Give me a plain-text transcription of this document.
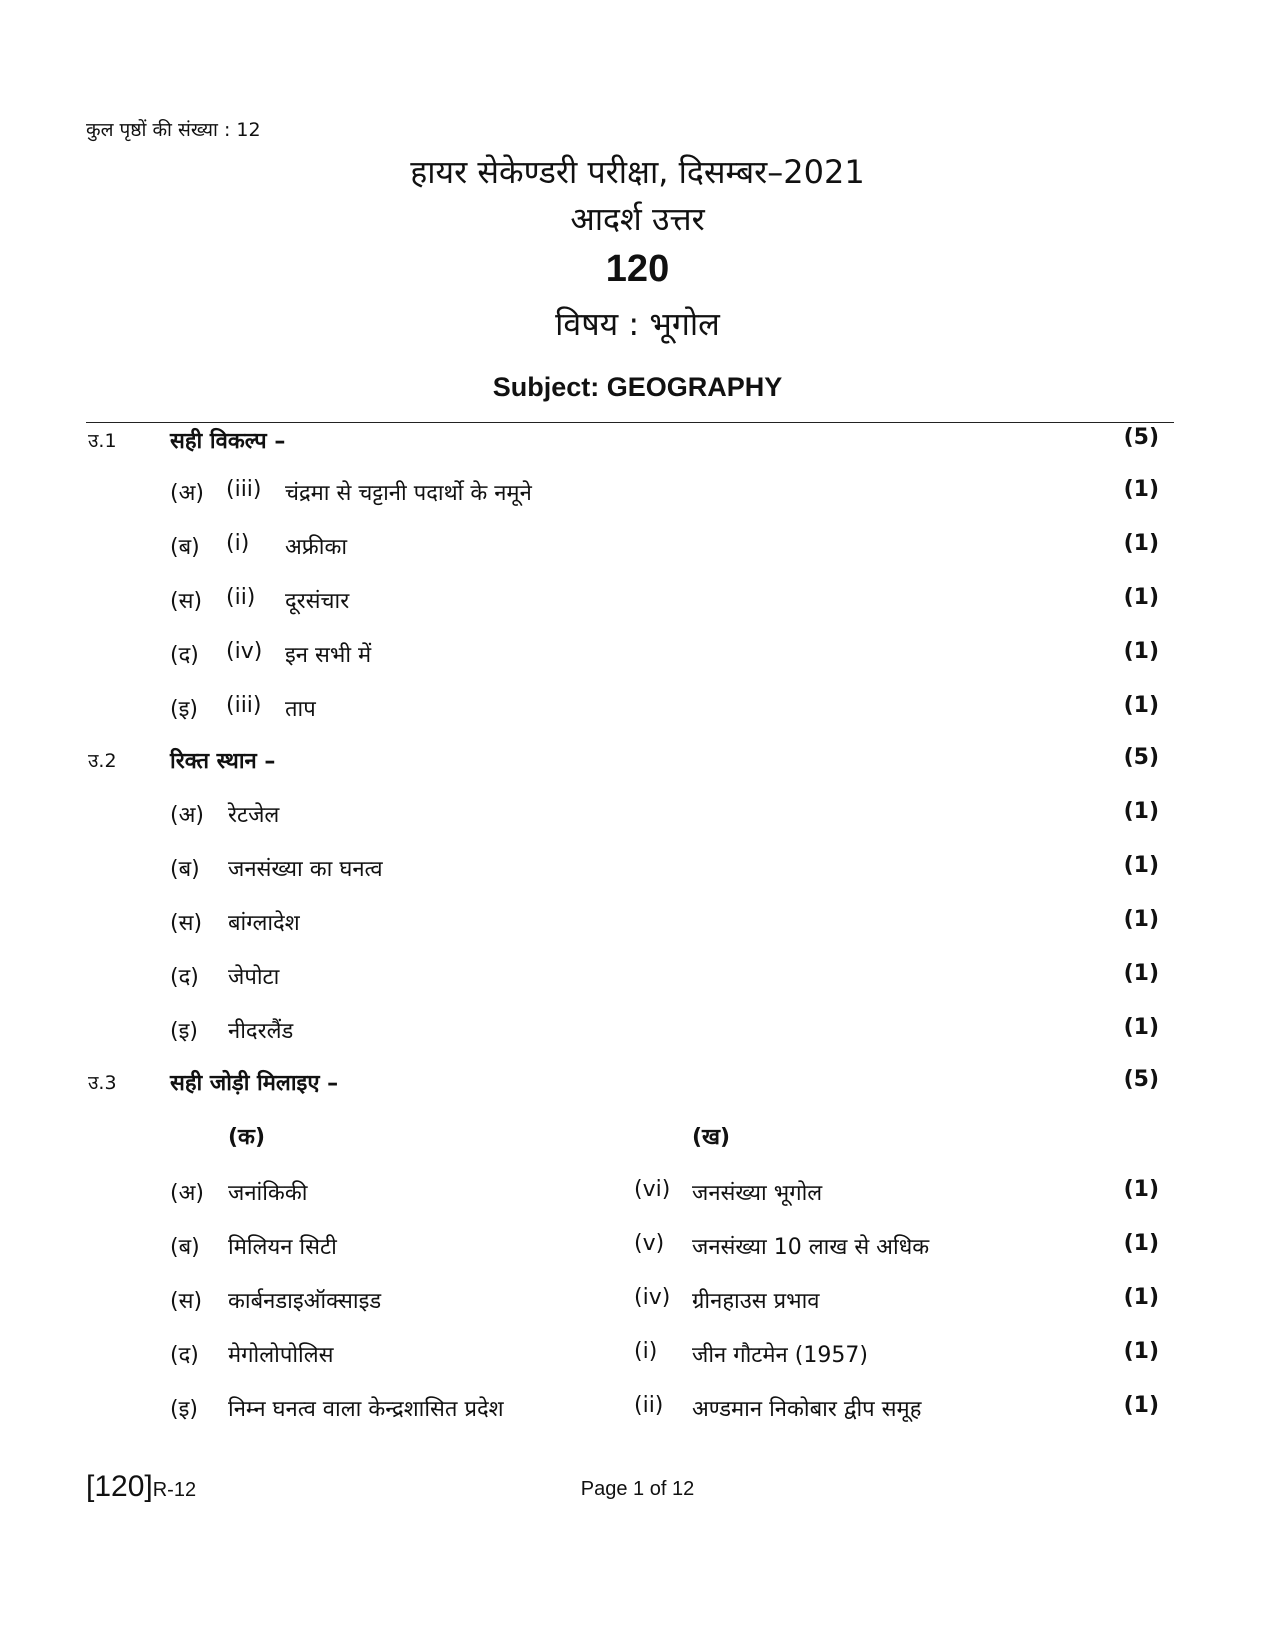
कुल पृष्ठों की संख्या : 12
हायर सेकेण्डरी परीक्षा, दिसम्बर–2021
आदर्श उत्तर
120
विषय : भूगोल
Subject: GEOGRAPHY
उ.1 सही विकल्प –	(5)
(अ) (iii) चंद्रमा से चट्टानी पदार्थो के नमूने	(1)
(ब) (i) अफ्रीका	(1)
(स) (ii) दूरसंचार	(1)
(द) (iv) इन सभी में	(1)
(इ) (iii) ताप	(1)
उ.2 रिक्त स्थान –	(5)
(अ) रेटजेल	(1)
(ब) जनसंख्या का घनत्व	(1)
(स) बांग्लादेश	(1)
(द) जेपोटा	(1)
(इ) नीदरलैंड	(1)
उ.3 सही जोड़ी मिलाइए –	(5)
(क)	(ख)
(अ) जनांकिकी	(vi) जनसंख्या भूगोल	(1)
(ब) मिलियन सिटी	(v) जनसंख्या 10 लाख से अधिक	(1)
(स) कार्बनडाइऑक्साइड	(iv) ग्रीनहाउस प्रभाव	(1)
(द) मेगोलोपोलिस	(i) जीन गौटमेन (1957)	(1)
(इ) निम्न घनत्व वाला केन्द्रशासित प्रदेश	(ii) अण्डमान निकोबार द्वीप समूह	(1)
[120]R-12	Page 1 of 12
